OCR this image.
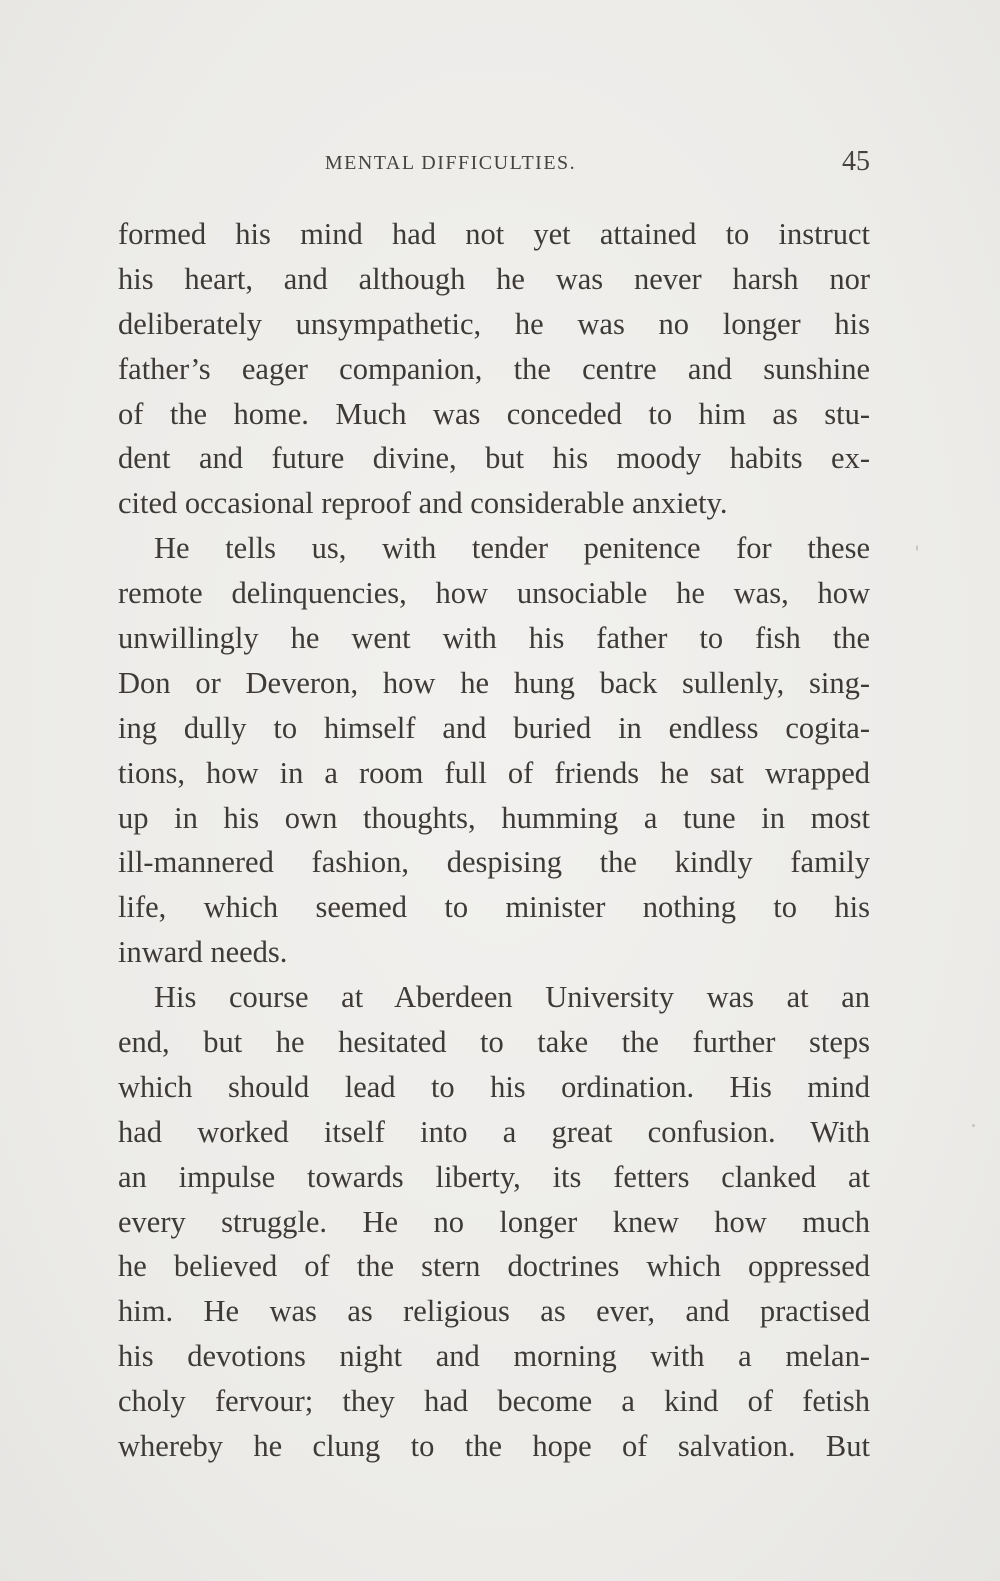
MENTAL DIFFICULTIES.	45
formed his mind had not yet attained to instruct
his heart, and although he was never harsh nor
deliberately unsympathetic, he was no longer his
father’s eager companion, the centre and sunshine
of the home. Much was conceded to him as stu-
dent and future divine, but his moody habits ex-
cited occasional reproof and considerable anxiety.
He tells us, with tender penitence for these
remote delinquencies, how unsociable he was, how
unwillingly he went with his father to fish the
Don or Deveron, how he hung back sullenly, sing-
ing dully to himself and buried in endless cogita-
tions, how in a room full of friends he sat wrapped
up in his own thoughts, humming a tune in most
ill-mannered fashion, despising the kindly family
life, which seemed to minister nothing to his
inward needs.
His course at Aberdeen University was at an
end, but he hesitated to take the further steps
which should lead to his ordination. His mind
had worked itself into a great confusion. With
an impulse towards liberty, its fetters clanked at
every struggle. He no longer knew how much
he believed of the stern doctrines which oppressed
him. He was as religious as ever, and practised
his devotions night and morning with a melan-
choly fervour; they had become a kind of fetish
whereby he clung to the hope of salvation. But
